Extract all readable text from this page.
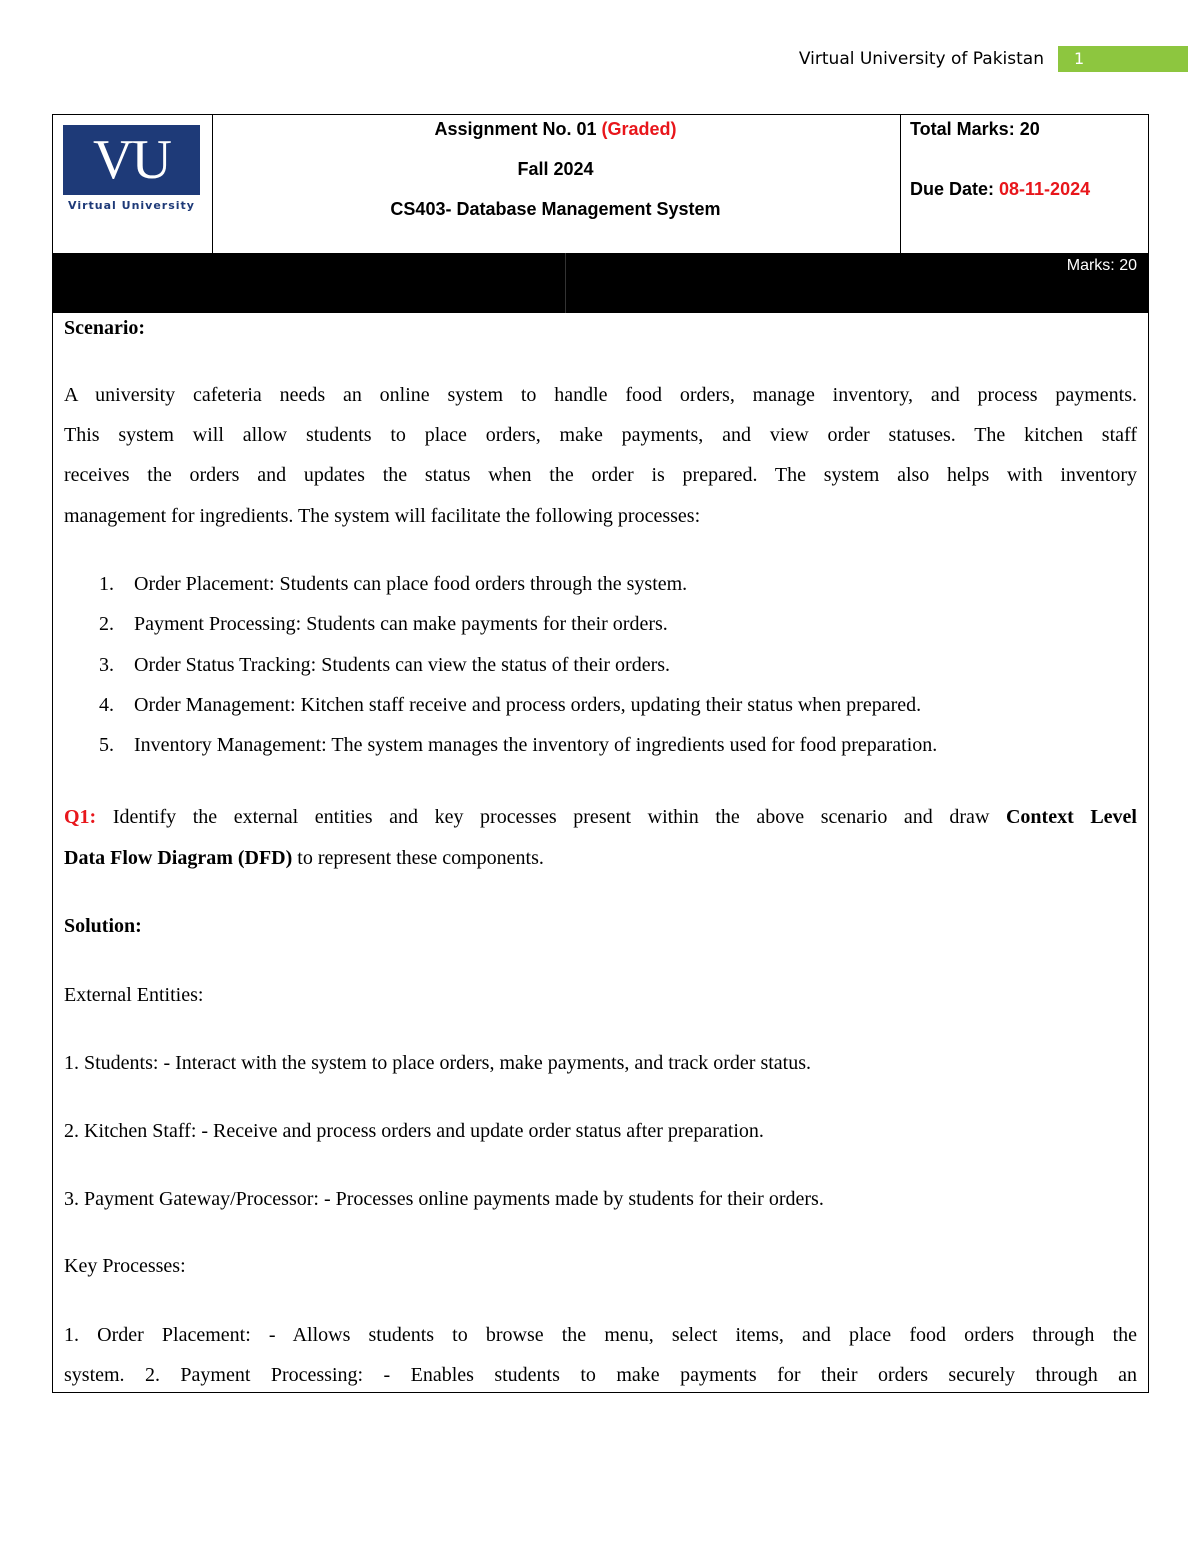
Virtual University of Pakistan	1
VU
Virtual University
Assignment No. 01 (Graded)
Fall 2024
CS403- Database Management System
Total Marks: 20
Due Date: 08-11-2024
Marks: 20
Scenario:
A university cafeteria needs an online system to handle food orders, manage inventory, and process payments.
This system will allow students to place orders, make payments, and view order statuses. The kitchen staff
receives the orders and updates the status when the order is prepared. The system also helps with inventory
management for ingredients. The system will facilitate the following processes:
1. Order Placement: Students can place food orders through the system.
2. Payment Processing: Students can make payments for their orders.
3. Order Status Tracking: Students can view the status of their orders.
4. Order Management: Kitchen staff receive and process orders, updating their status when prepared.
5. Inventory Management: The system manages the inventory of ingredients used for food preparation.
Q1: Identify the external entities and key processes present within the above scenario and draw Context Level
Data Flow Diagram (DFD) to represent these components.
Solution:
External Entities:
1. Students: - Interact with the system to place orders, make payments, and track order status.
2. Kitchen Staff: - Receive and process orders and update order status after preparation.
3. Payment Gateway/Processor: - Processes online payments made by students for their orders.
Key Processes:
1. Order Placement: - Allows students to browse the menu, select items, and place food orders through the
system. 2. Payment Processing: - Enables students to make payments for their orders securely through an
